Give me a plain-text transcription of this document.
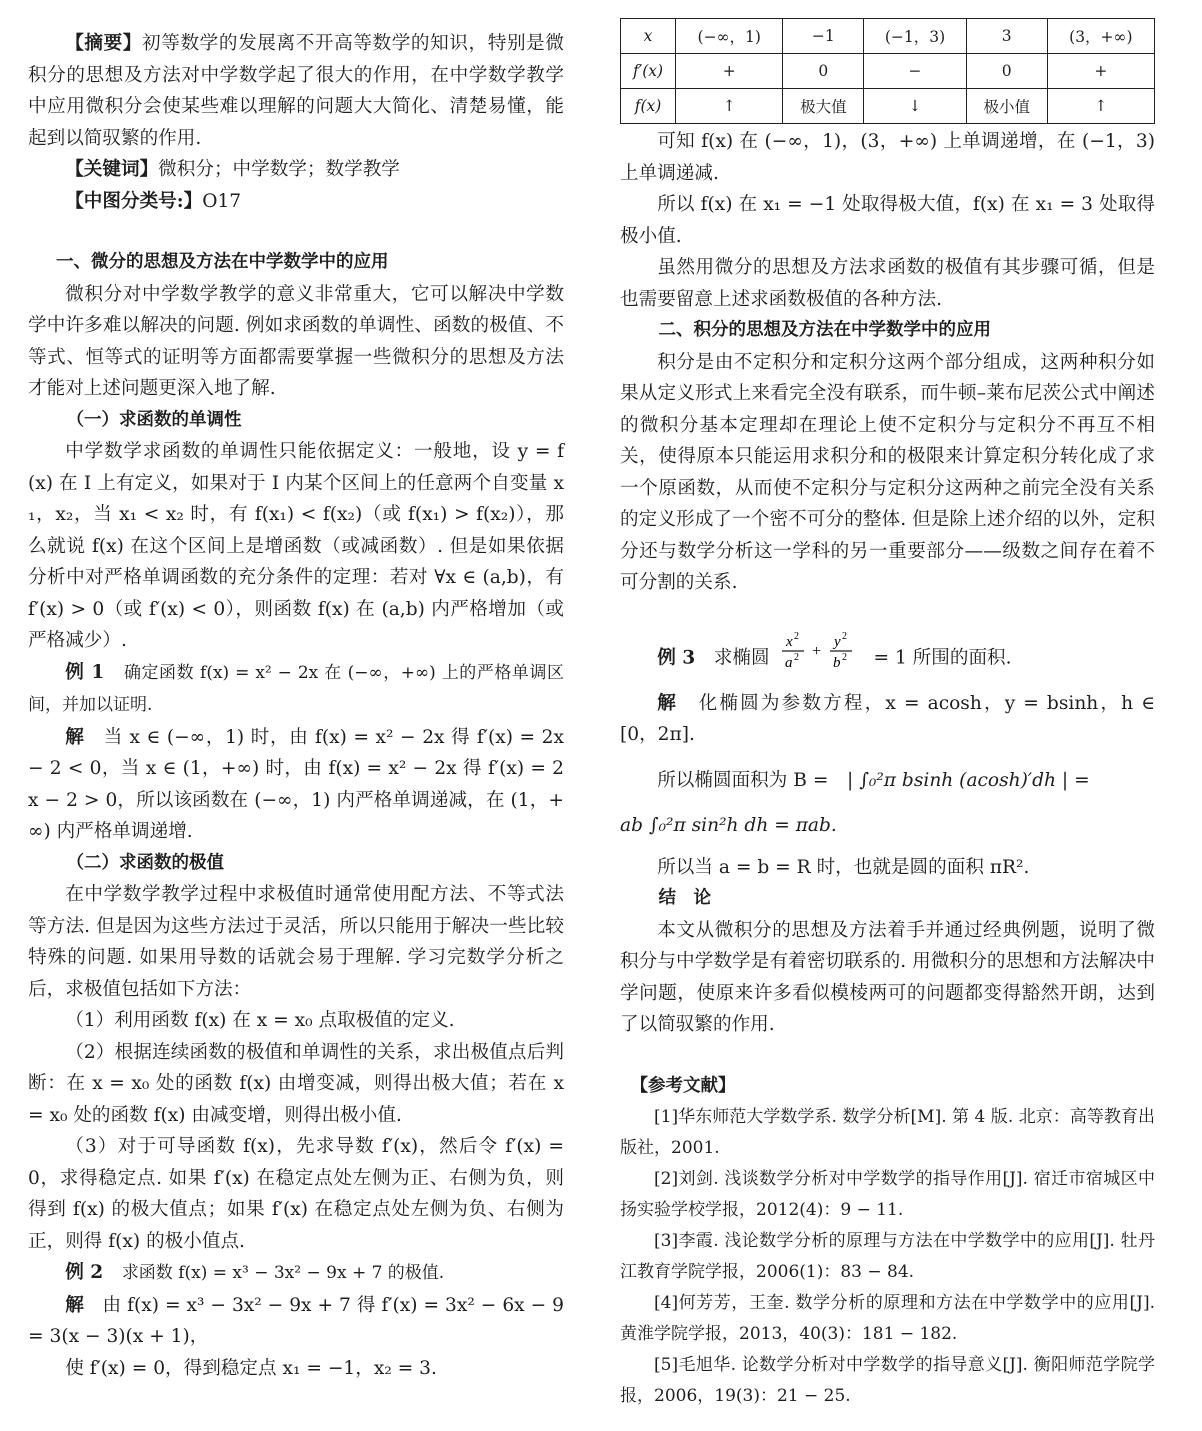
【摘要】初等数学的发展离不开高等数学的知识，特别是微积分的思想及方法对中学数学起了很大的作用，在中学数学教学中应用微积分会使某些难以理解的问题大大简化、清楚易懂，能起到以简驭繁的作用.

【关键词】微积分；中学数学；数学教学

【中图分类号:】O17

一、微分的思想及方法在中学数学中的应用

微积分对中学数学教学的意义非常重大，它可以解决中学数学中许多难以解决的问题. 例如求函数的单调性、函数的极值、不等式、恒等式的证明等方面都需要掌握一些微积分的思想及方法才能对上述问题更深入地了解.

（一）求函数的单调性

中学数学求函数的单调性只能依据定义：一般地，设 y = f(x) 在 I 上有定义，如果对于 I 内某个区间上的任意两个自变量 x₁，x₂，当 x₁ < x₂ 时，有 f(x₁) < f(x₂)（或 f(x₁) > f(x₂)），那么就说 f(x) 在这个区间上是增函数（或减函数）. 但是如果依据分析中对严格单调函数的充分条件的定理：若对 ∀x ∈ (a,b)，有 f′(x) > 0（或 f′(x) < 0），则函数 f(x) 在 (a,b) 内严格增加（或严格减少）.

例 1　 确定函数 f(x) = x² − 2x 在 (−∞，+∞) 上的严格单调区间，并加以证明.

解　 当 x ∈ (−∞，1) 时，由 f(x) = x² − 2x 得 f′(x) = 2x − 2 < 0，当 x ∈ (1，+∞) 时，由 f(x) = x² − 2x 得 f′(x) = 2x − 2 > 0，所以该函数在 (−∞，1) 内严格单调递减，在 (1，+∞) 内严格单调递增.

（二）求函数的极值

在中学数学教学过程中求极值时通常使用配方法、不等式法等方法. 但是因为这些方法过于灵活，所以只能用于解决一些比较特殊的问题. 如果用导数的话就会易于理解. 学习完数学分析之后，求极值包括如下方法：

（1）利用函数 f(x) 在 x = x₀ 点取极值的定义.

（2）根据连续函数的极值和单调性的关系，求出极值点后判断：在 x = x₀ 处的函数 f(x) 由增变减，则得出极大值；若在 x = x₀ 处的函数 f(x) 由减变增，则得出极小值.

（3）对于可导函数 f(x)，先求导数 f′(x)，然后令 f′(x) = 0，求得稳定点. 如果 f′(x) 在稳定点处左侧为正、右侧为负，则得到 f(x) 的极大值点；如果 f′(x) 在稳定点处左侧为负、右侧为正，则得 f(x) 的极小值点.

例 2　 求函数 f(x) = x³ − 3x² − 9x + 7 的极值.

解　 由 f(x) = x³ − 3x² − 9x + 7 得 f′(x) = 3x² − 6x − 9 = 3(x − 3)(x + 1)，

使 f′(x) = 0，得到稳定点 x₁ = −1，x₂ = 3.

x	(−∞，1)	−1	(−1，3)	3	(3，+∞)
f′(x)	+	0	−	0	+
f(x)	↑	极大值	↓	极小值	↑

可知 f(x) 在 (−∞，1)，(3，+∞) 上单调递增，在 (−1，3) 上单调递减.

所以 f(x) 在 x₁ = −1 处取得极大值，f(x) 在 x₁ = 3 处取得极小值.

虽然用微分的思想及方法求函数的极值有其步骤可循，但是也需要留意上述求函数极值的各种方法.

二、积分的思想及方法在中学数学中的应用

积分是由不定积分和定积分这两个部分组成，这两种积分如果从定义形式上来看完全没有联系，而牛顿–莱布尼茨公式中阐述的微积分基本定理却在理论上使不定积分与定积分不再互不相关，使得原本只能运用求积分和的极限来计算定积分转化成了求一个原函数，从而使不定积分与定积分这两种之前完全没有关系的定义形成了一个密不可分的整体. 但是除上述介绍的以外，定积分还与数学分析这一学科的另一重要部分——级数之间存在着不可分割的关系.

例 3　 求椭圆
x 2
a 2 +
y 2
b 2 = 1 所围的面积.

解　 化椭圆为参数方程，x = acosh，y = bsinh，h ∈ [0，2π].

所以椭圆面积为 B =　 | ∫₀²π bsinh (acosh)′dh | =

ab ∫₀²π sin²h dh = πab.

所以当 a = b = R 时，也就是圆的面积 πR².

结　论

本文从微积分的思想及方法着手并通过经典例题，说明了微积分与中学数学是有着密切联系的. 用微积分的思想和方法解决中学问题，使原来许多看似模棱两可的问题都变得豁然开朗，达到了以简驭繁的作用.

【参考文献】

[1]华东师范大学数学系. 数学分析[M]. 第 4 版. 北京：高等教育出版社，2001.

[2]刘剑. 浅谈数学分析对中学数学的指导作用[J]. 宿迁市宿城区中扬实验学校学报，2012(4)：9 − 11.

[3]李霞. 浅论数学分析的原理与方法在中学数学中的应用[J]. 牡丹江教育学院学报，2006(1)：83 − 84.

[4]何芳芳，王奎. 数学分析的原理和方法在中学数学中的应用[J]. 黄淮学院学报，2013，40(3)：181 − 182.

[5]毛旭华. 论数学分析对中学数学的指导意义[J]. 衡阳师范学院学报，2006，19(3)：21 − 25.
